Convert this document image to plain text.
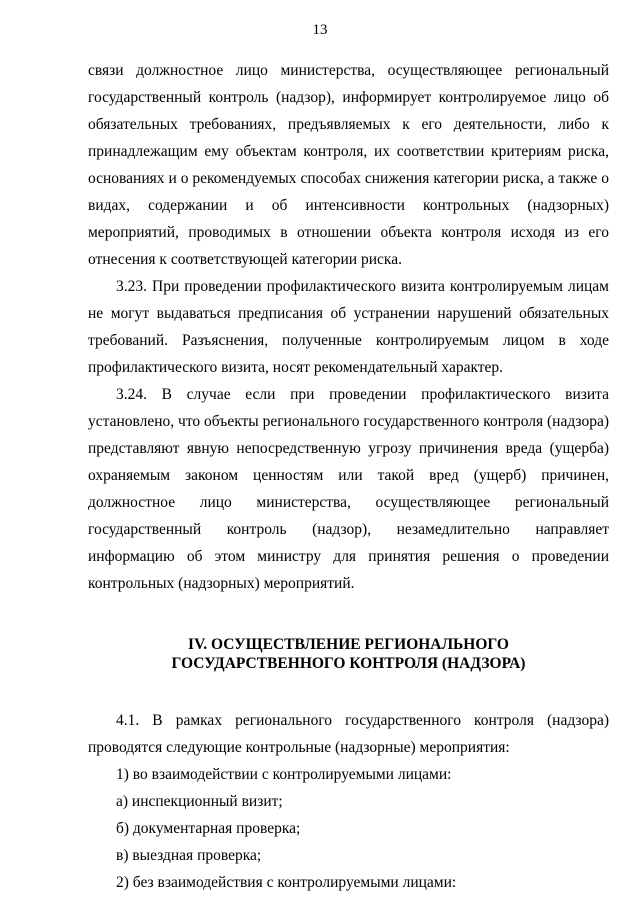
13

связи должностное лицо министерства, осуществляющее региональный государственный контроль (надзор), информирует контролируемое лицо об обязательных требованиях, предъявляемых к его деятельности, либо к принадлежащим ему объектам контроля, их соответствии критериям риска, основаниях и о рекомендуемых способах снижения категории риска, а также о видах, содержании и об интенсивности контрольных (надзорных) мероприятий, проводимых в отношении объекта контроля исходя из его отнесения к соответствующей категории риска.

3.23. При проведении профилактического визита контролируемым лицам не могут выдаваться предписания об устранении нарушений обязательных требований. Разъяснения, полученные контролируемым лицом в ходе профилактического визита, носят рекомендательный характер.

3.24. В случае если при проведении профилактического визита установлено, что объекты регионального государственного контроля (надзора) представляют явную непосредственную угрозу причинения вреда (ущерба) охраняемым законом ценностям или такой вред (ущерб) причинен, должностное лицо министерства, осуществляющее региональный государственный контроль (надзор), незамедлительно направляет информацию об этом министру для принятия решения о проведении контрольных (надзорных) мероприятий.

IV. ОСУЩЕСТВЛЕНИЕ РЕГИОНАЛЬНОГО
ГОСУДАРСТВЕННОГО КОНТРОЛЯ (НАДЗОРА)

4.1. В рамках регионального государственного контроля (надзора) проводятся следующие контрольные (надзорные) мероприятия:

1) во взаимодействии с контролируемыми лицами:

а) инспекционный визит;

б) документарная проверка;

в) выездная проверка;

2) без взаимодействия с контролируемыми лицами:
